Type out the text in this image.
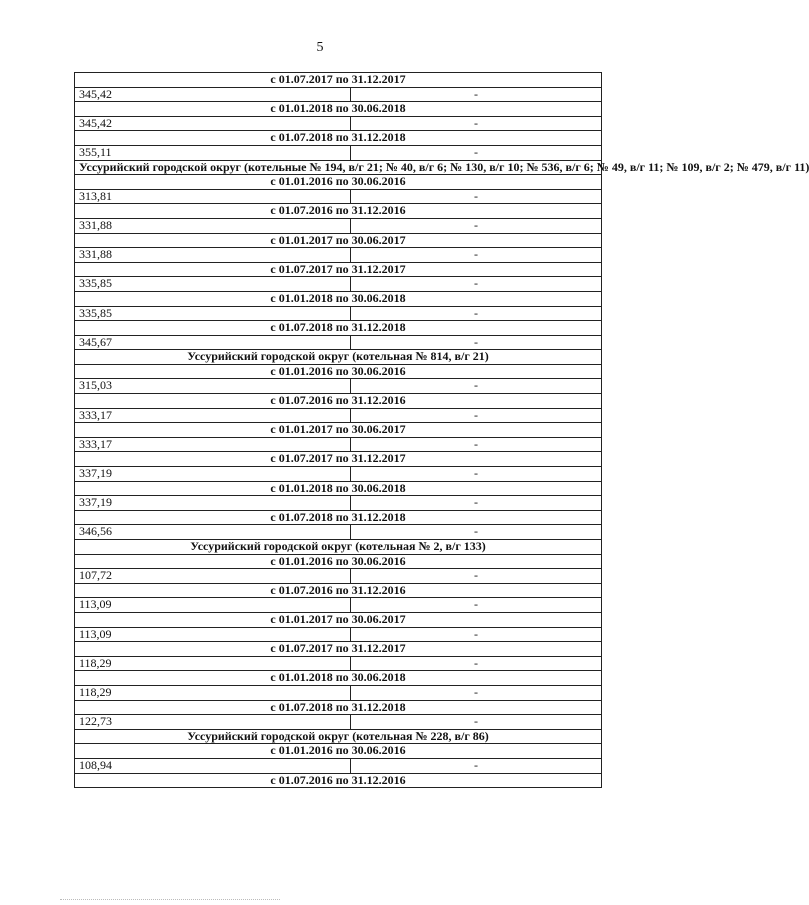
5
с 01.07.2017 по 31.12.2017	
345,42	-
с 01.01.2018 по 30.06.2018	
345,42	-
с 01.07.2018 по 31.12.2018	
355,11	-
Уссурийский городской округ (котельные № 194, в/г 21; № 40, в/г 6; № 130, в/г 10; № 536, в/г 6; № 49, в/г 11; № 109, в/г 2; № 479, в/г 11)	
с 01.01.2016 по 30.06.2016	
313,81	-
с 01.07.2016 по 31.12.2016	
331,88	-
с 01.01.2017 по 30.06.2017	
331,88	-
с 01.07.2017 по 31.12.2017	
335,85	-
с 01.01.2018 по 30.06.2018	
335,85	-
с 01.07.2018 по 31.12.2018	
345,67	-
Уссурийский городской округ (котельная № 814, в/г 21)	
с 01.01.2016 по 30.06.2016	
315,03	-
с 01.07.2016 по 31.12.2016	
333,17	-
с 01.01.2017 по 30.06.2017	
333,17	-
с 01.07.2017 по 31.12.2017	
337,19	-
с 01.01.2018 по 30.06.2018	
337,19	-
с 01.07.2018 по 31.12.2018	
346,56	-
Уссурийский городской округ (котельная № 2, в/г 133)	
с 01.01.2016 по 30.06.2016	
107,72	-
с 01.07.2016 по 31.12.2016	
113,09	-
с 01.01.2017 по 30.06.2017	
113,09	-
с 01.07.2017 по 31.12.2017	
118,29	-
с 01.01.2018 по 30.06.2018	
118,29	-
с 01.07.2018 по 31.12.2018	
122,73	-
Уссурийский городской округ (котельная № 228, в/г 86)	
с 01.01.2016 по 30.06.2016	
108,94	-
с 01.07.2016 по 31.12.2016	
